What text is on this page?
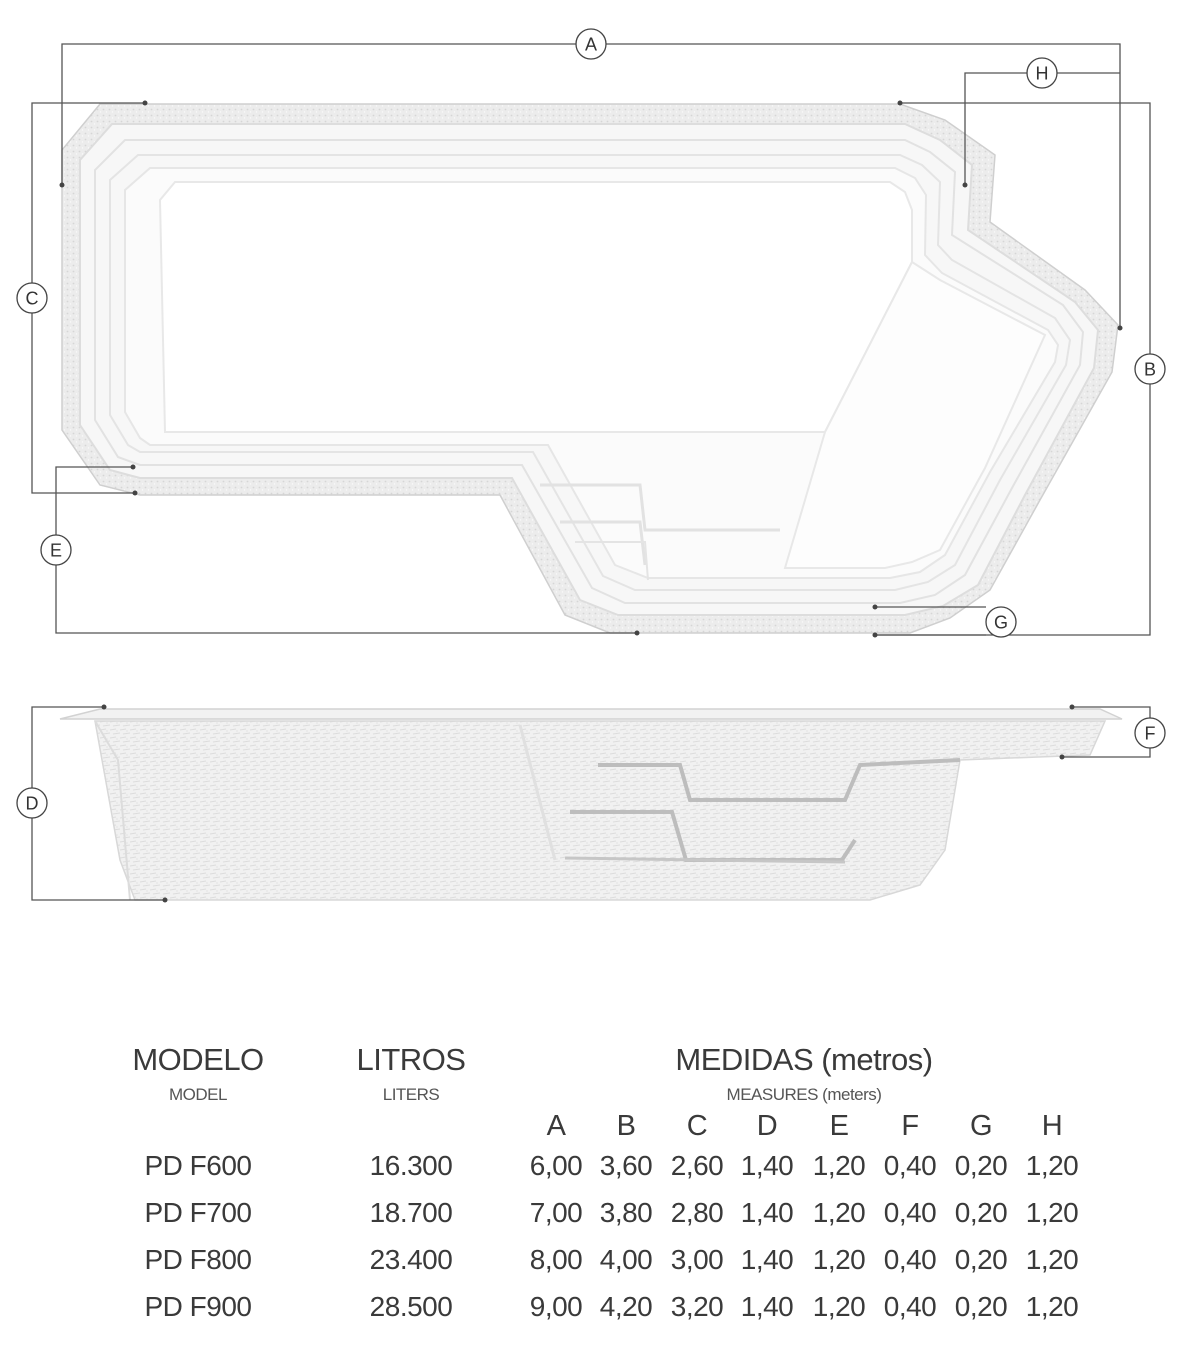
A
B
C
D
E
F
G
H
MODELO
MODEL
LITROS
LITERS
MEDIDAS (metros)
MEASURES (meters)
A	B	C	D	E	F	G	H
PD F600	16.300	6,00 3,60 2,60 1,40 1,20 0,40 0,20 1,20
PD F700	18.700	7,00 3,80 2,80 1,40 1,20 0,40 0,20 1,20
PD F800	23.400	8,00 4,00 3,00 1,40 1,20 0,40 0,20 1,20
PD F900	28.500	9,00 4,20 3,20 1,40 1,20 0,40 0,20 1,20
